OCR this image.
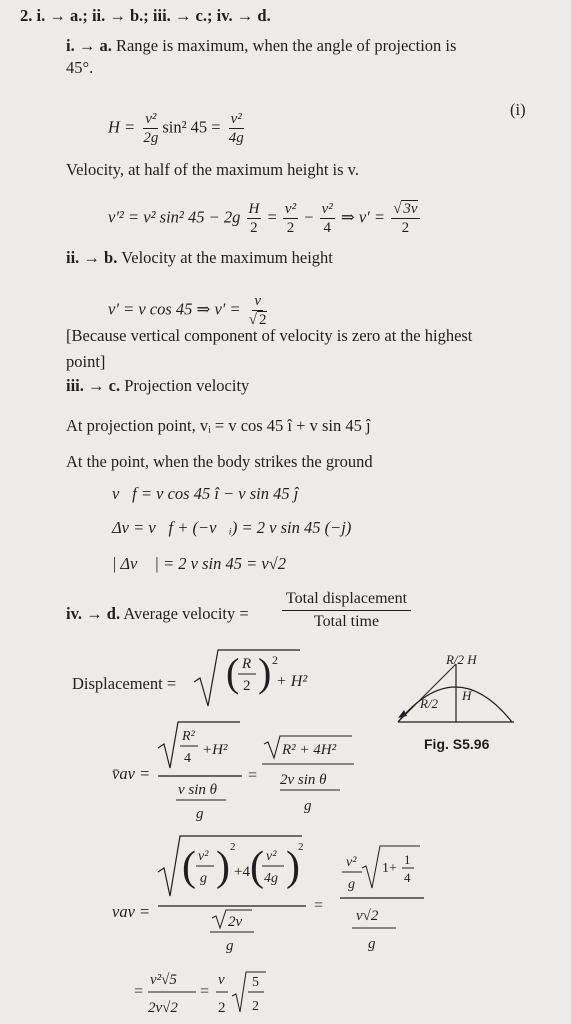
2. i. → a.; ii. → b.; iii. → c.; iv. → d.
i. → a. Range is maximum, when the angle of projection is
45°.
$H = \frac{\text{v²}}{2g} \sin^2$ $45 = \frac{\text{v²}}{4g}$
(i)
Velocity, at half of the maximum height is v.
v′² = v² sin² $45 - 2g \frac{H}{2} = \frac{\text{v²}}{2} - \frac{\text{v²}}{4}$ ⇒ $v' = \frac{√ 3v}{2}$
ii. → b. Velocity at the maximum height
v′ = v cos 45 ⇒ $v' = \frac{v}{√ 2}$
[Because vertical component of velocity is zero at the highest
point]
iii. → c. Projection velocity
At projection point, vᵢ = v cos 45 î + v sin 45 ĵ
At the point, when the body strikes the ground
v⃗f = v cos 45 î − v sin 45 ĵ
Δv = v⃗f + (−v⃗ᵢ) = 2 v sin 45 (−j)
| Δv⃗ | = 2 v sin 45 = v√2
iv. → d. Average velocity =
Total displacement
Total time
Displacement = ( R
2 ) 2
+ H²
v̄av =
R²
4
+H²
v sin θ
g
=
R² + 4H²
2v sin θ
g
vav =
( v²
g ) 2
+4 ( v²
4g )
2
2v
g
=
v²
g
1+
1
4
v√2
g
=
v²√5
2v√2
=
v
2
5
2
R/2 H
R/2
H
Fig. S5.96
